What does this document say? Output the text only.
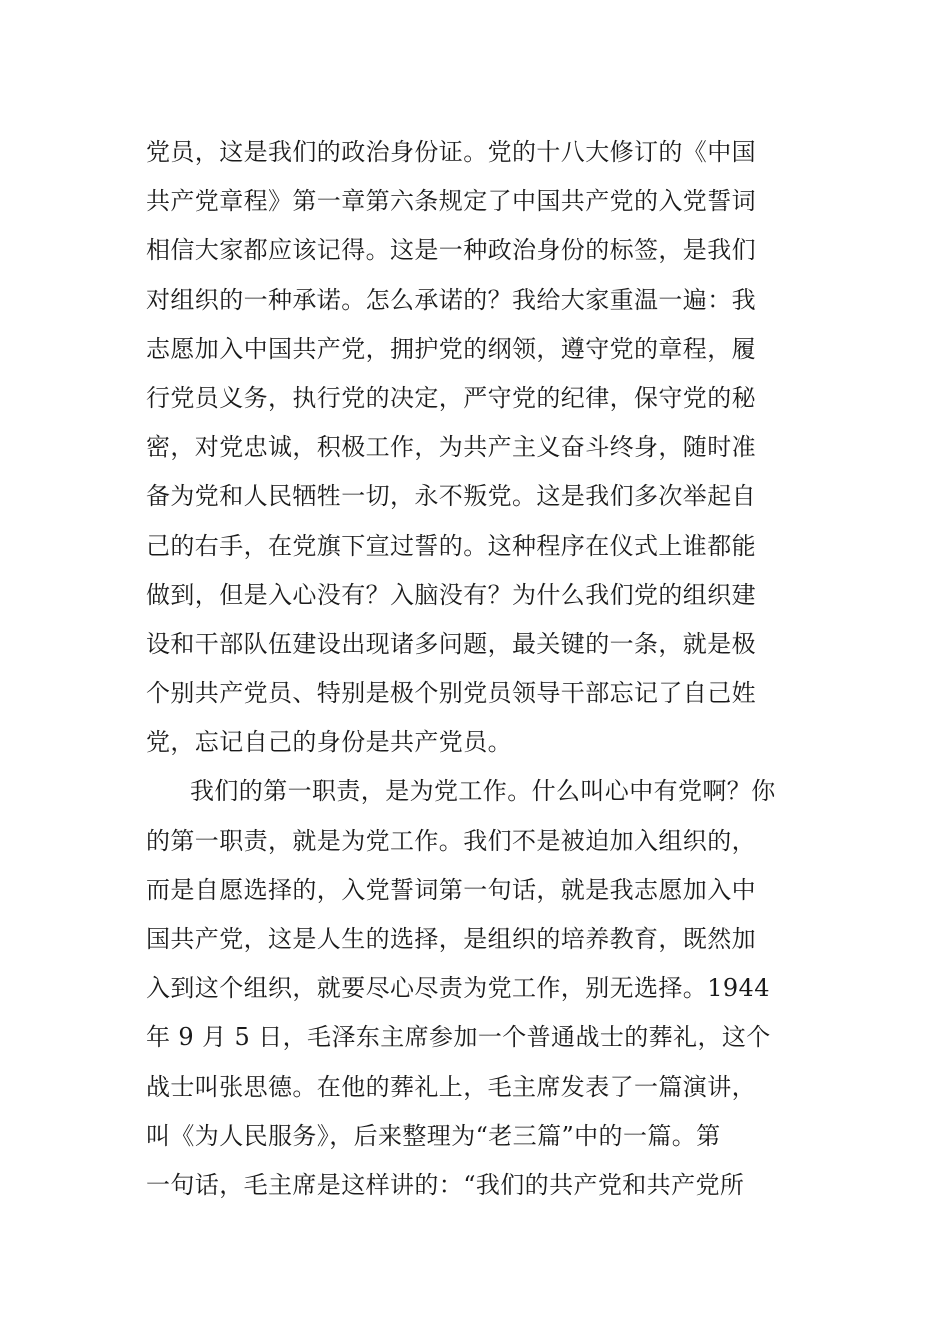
党员，这是我们的政治身份证。党的十八大修订的《中国
共产党章程》第一章第六条规定了中国共产党的入党誓词
相信大家都应该记得。这是一种政治身份的标签，是我们
对组织的一种承诺。怎么承诺的？我给大家重温一遍：我
志愿加入中国共产党，拥护党的纲领，遵守党的章程，履
行党员义务，执行党的决定，严守党的纪律，保守党的秘
密，对党忠诚，积极工作，为共产主义奋斗终身，随时准
备为党和人民牺牲一切，永不叛党。这是我们多次举起自
己的右手，在党旗下宣过誓的。这种程序在仪式上谁都能
做到，但是入心没有？入脑没有？为什么我们党的组织建
设和干部队伍建设出现诸多问题，最关键的一条，就是极
个别共产党员、特别是极个别党员领导干部忘记了自己姓
党，忘记自己的身份是共产党员。
我们的第一职责，是为党工作。什么叫心中有党啊？你
的第一职责，就是为党工作。我们不是被迫加入组织的，
而是自愿选择的，入党誓词第一句话，就是我志愿加入中
国共产党，这是人生的选择，是组织的培养教育，既然加
入到这个组织，就要尽心尽责为党工作，别无选择。1944
年 9 月 5 日，毛泽东主席参加一个普通战士的葬礼，这个
战士叫张思德。在他的葬礼上，毛主席发表了一篇演讲，
叫《为人民服务》，后来整理为“老三篇”中的一篇。第
一句话，毛主席是这样讲的：“我们的共产党和共产党所
